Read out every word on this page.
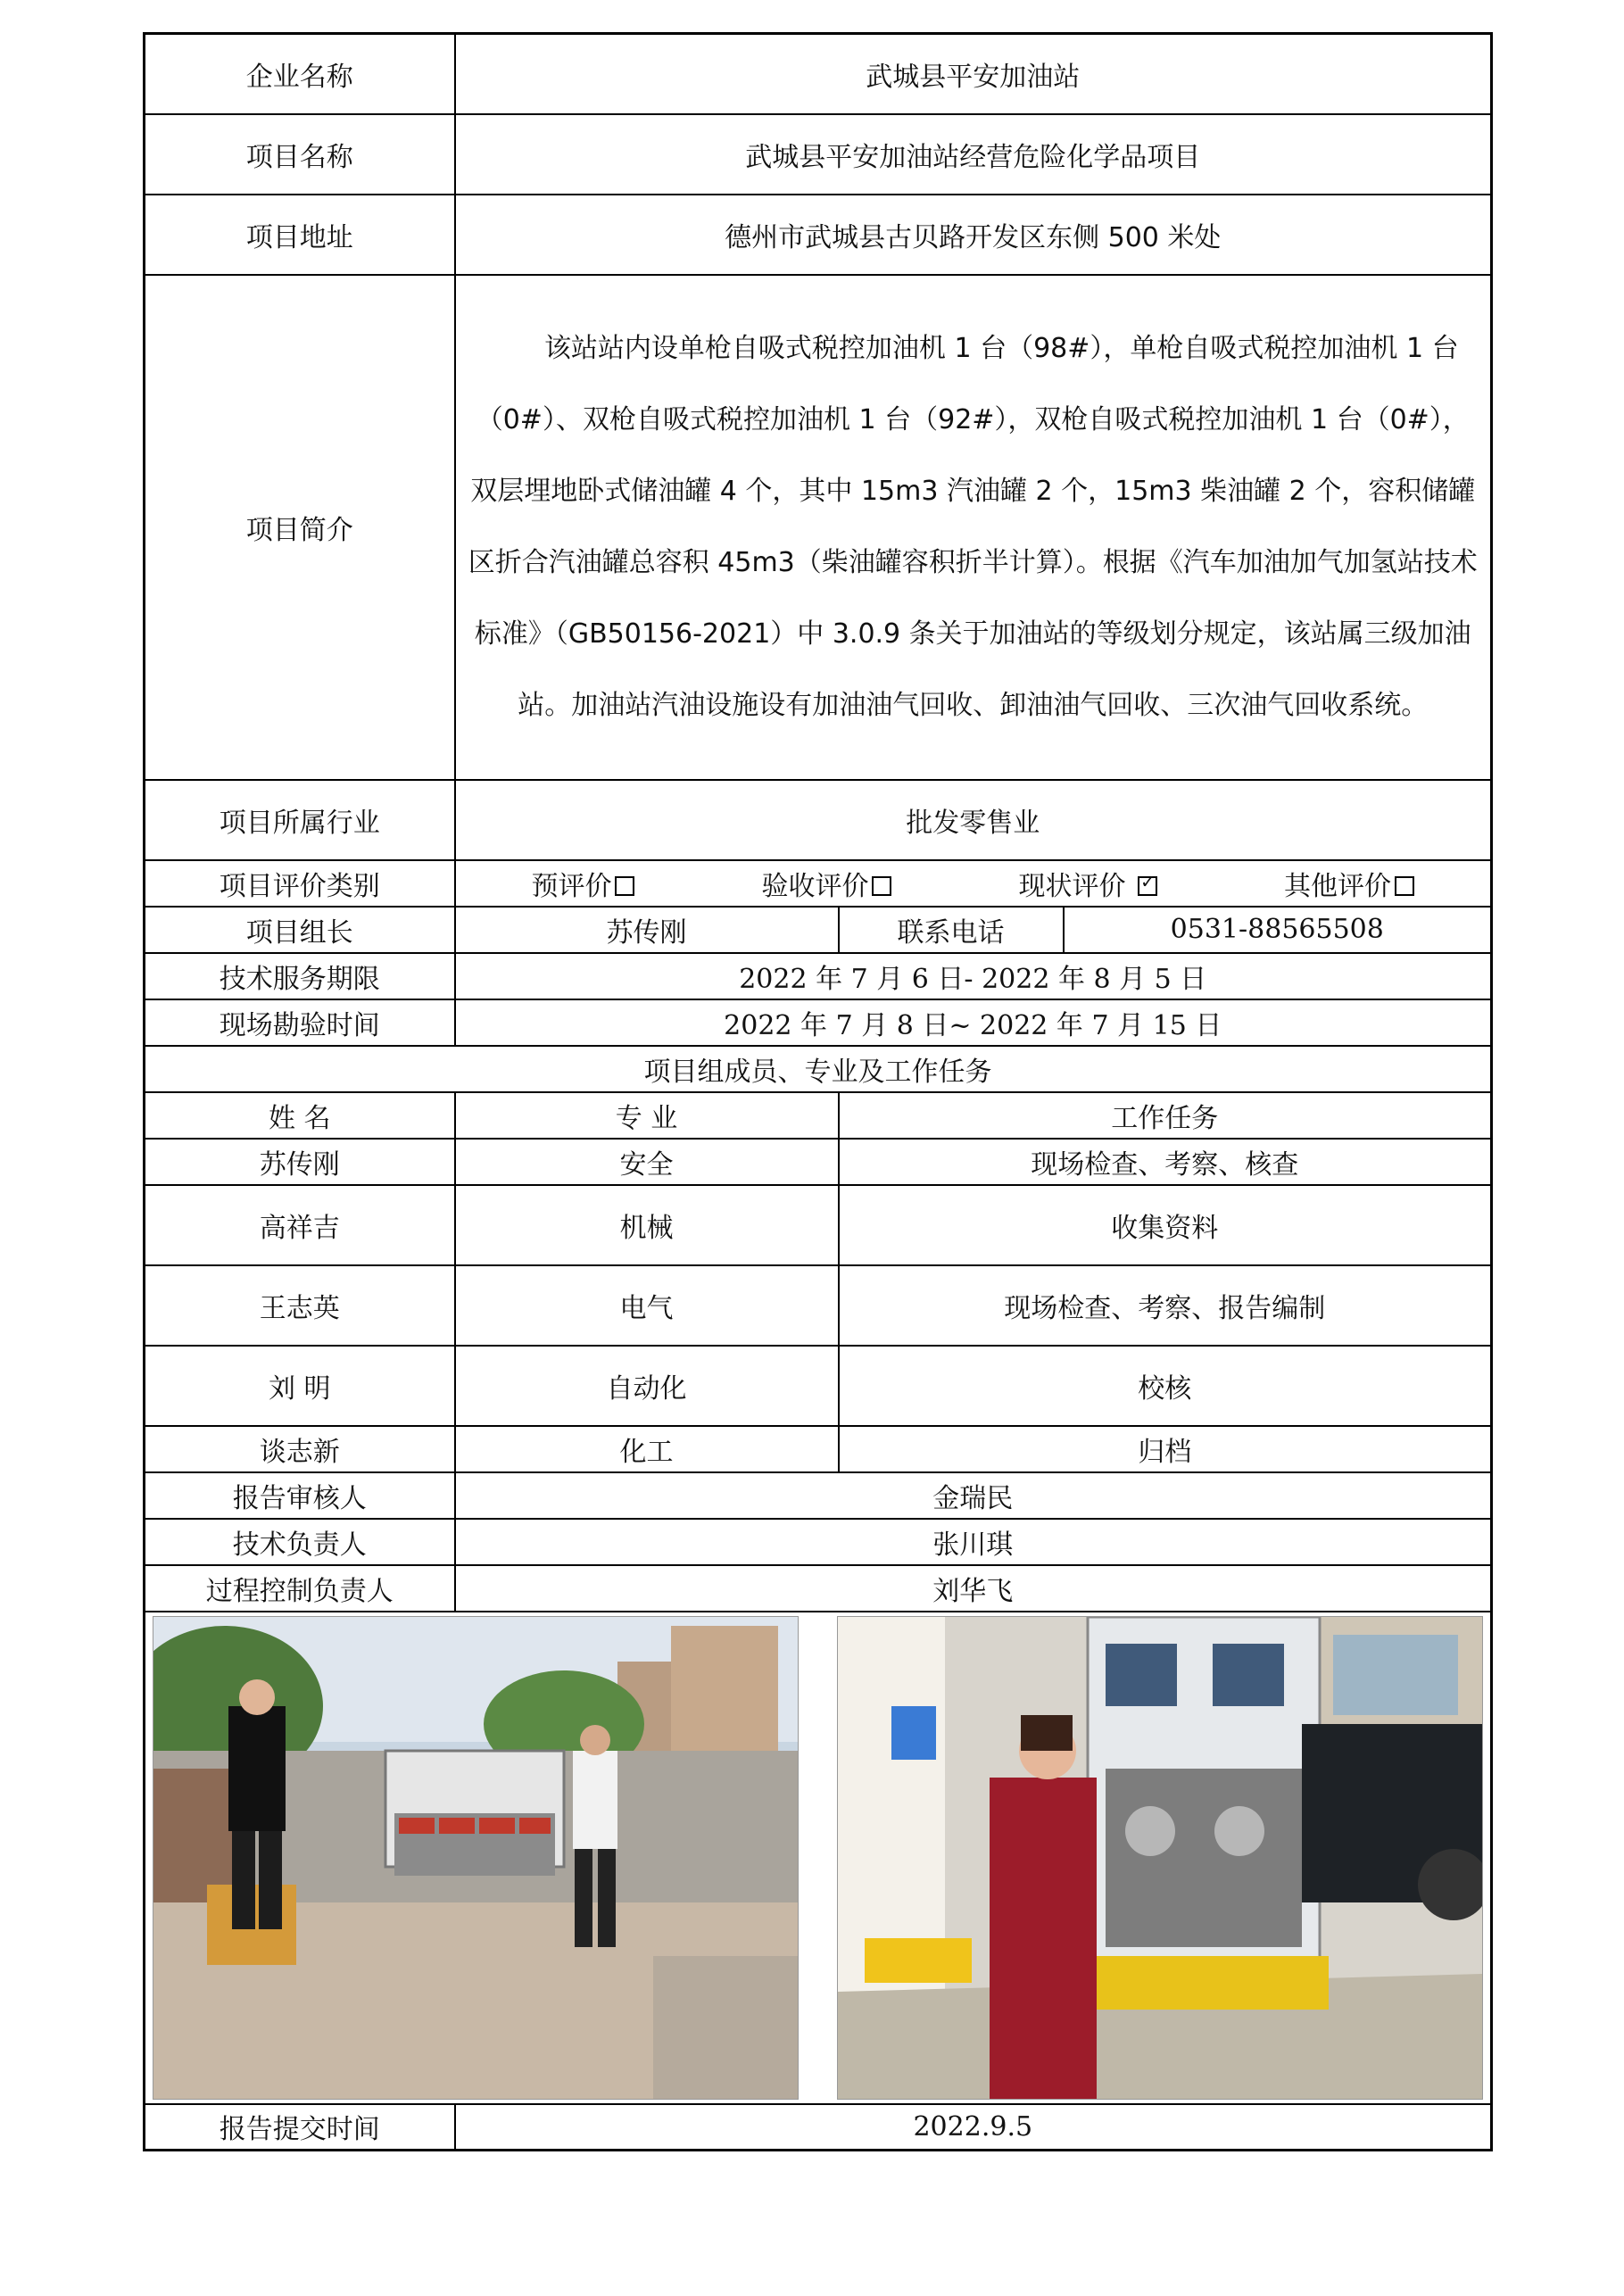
企业名称	武城县平安加油站		
项目名称	武城县平安加油站经营危险化学品项目		
项目地址	德州市武城县古贝路开发区东侧 500 米处		
项目简介	该站站内设单枪自吸式税控加油机 1 台（98#），单枪自吸式税控加油机 1 台（0#）、双枪自吸式税控加油机 1 台（92#），双枪自吸式税控加油机 1 台（0#），双层埋地卧式储油罐 4 个，其中 15m3 汽油罐 2 个，15m3 柴油罐 2 个，容积储罐区折合汽油罐总容积 45m3（柴油罐容积折半计算）。根据《汽车加油加气加氢站技术标准》（GB50156-2021）中 3.0.9 条关于加油站的等级划分规定，该站属三级加油站。加油站汽油设施设有加油油气回收、卸油油气回收、三次油气回收系统。		
项目所属行业	批发零售业		
项目评价类别	预评价 验收评价 现状评价 ✓ 其他评价

项目组长	苏传刚	联系电话	0531-88565508
技术服务期限	2022 年 7 月 6 日- 2022 年 8 月 5 日		
现场勘验时间	2022 年 7 月 8 日~ 2022 年 7 月 15 日		
项目组成员、专业及工作任务			
姓 名	专 业	工作任务	
苏传刚	安全	现场检查、考察、核查	
高祥吉	机械	收集资料	
王志英	电气	现场检查、考察、报告编制	
刘 明	自动化	校核	
谈志新	化工	归档	
报告审核人	金瑞民		
技术负责人	张川琪		
过程控制负责人	刘华飞		

报告提交时间	2022.9.5		
